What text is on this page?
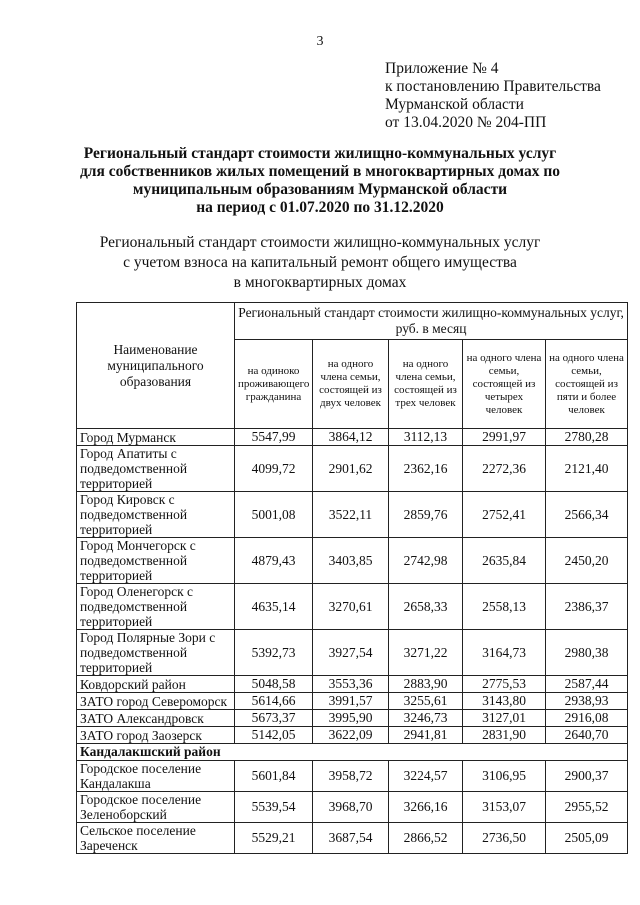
3
Приложение № 4
к постановлению Правительства
Мурманской области
от 13.04.2020 № 204-ПП
Региональный стандарт стоимости жилищно-коммунальных услуг
для собственников жилых помещений в многоквартирных домах по
муниципальным образованиям Мурманской области
на период с 01.07.2020 по 31.12.2020
Региональный стандарт стоимости жилищно-коммунальных услуг
с учетом взноса на капитальный ремонт общего имущества
в многоквартирных домах
Наименование муниципального образования	Региональный стандарт стоимости жилищно-коммунальных услуг, руб. в месяц				
	на одиноко проживающего гражданина	на одного члена семьи, состоящей из двух человек	на одного члена семьи, состоящей из трех человек	на одного члена семьи, состоящей из четырех человек	на одного члена семьи, состоящей из пяти и более человек
Город Мурманск	5547,99	3864,12	3112,13	2991,97	2780,28
Город Апатиты с подведомственной территорией	4099,72	2901,62	2362,16	2272,36	2121,40
Город Кировск с подведомственной территорией	5001,08	3522,11	2859,76	2752,41	2566,34
Город Мончегорск с подведомственной территорией	4879,43	3403,85	2742,98	2635,84	2450,20
Город Оленегорск с подведомственной территорией	4635,14	3270,61	2658,33	2558,13	2386,37
Город Полярные Зори с подведомственной территорией	5392,73	3927,54	3271,22	3164,73	2980,38
Ковдорский район	5048,58	3553,36	2883,90	2775,53	2587,44
ЗАТО город Североморск	5614,66	3991,57	3255,61	3143,80	2938,93
ЗАТО Александровск	5673,37	3995,90	3246,73	3127,01	2916,08
ЗАТО город Заозерск	5142,05	3622,09	2941,81	2831,90	2640,70
Кандалакшский район					
Городское поселение Кандалакша	5601,84	3958,72	3224,57	3106,95	2900,37
Городское поселение Зеленоборский	5539,54	3968,70	3266,16	3153,07	2955,52
Сельское поселение Зареченск	5529,21	3687,54	2866,52	2736,50	2505,09
